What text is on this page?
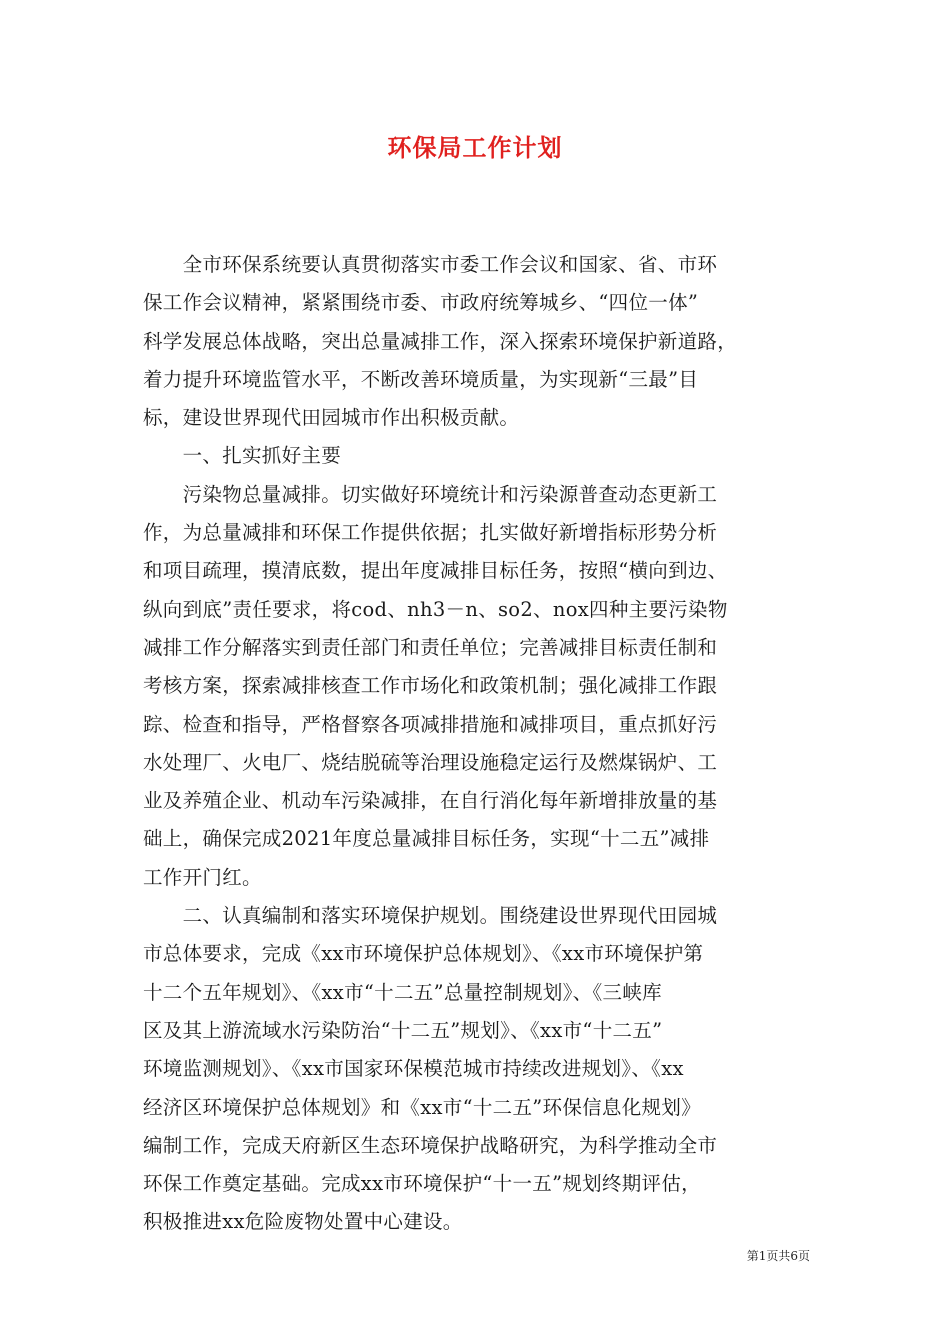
环保局工作计划
　　全市环保系统要认真贯彻落实市委工作会议和国家、省、市环
保工作会议精神，紧紧围绕市委、市政府统筹城乡、“四位一体”
科学发展总体战略，突出总量减排工作，深入探索环境保护新道路，
着力提升环境监管水平，不断改善环境质量，为实现新“三最”目
标，建设世界现代田园城市作出积极贡献。
　　一、扎实抓好主要
　　污染物总量减排。切实做好环境统计和污染源普查动态更新工
作，为总量减排和环保工作提供依据；扎实做好新增指标形势分析
和项目疏理，摸清底数，提出年度减排目标任务，按照“横向到边、
纵向到底”责任要求，将cod、nh3－n、so2、nox四种主要污染物
减排工作分解落实到责任部门和责任单位；完善减排目标责任制和
考核方案，探索减排核查工作市场化和政策机制；强化减排工作跟
踪、检查和指导，严格督察各项减排措施和减排项目，重点抓好污
水处理厂、火电厂、烧结脱硫等治理设施稳定运行及燃煤锅炉、工
业及养殖企业、机动车污染减排，在自行消化每年新增排放量的基
础上，确保完成2021年度总量减排目标任务，实现“十二五”减排
工作开门红。
　　二、认真编制和落实环境保护规划。围绕建设世界现代田园城
市总体要求，完成《xx市环境保护总体规划》、《xx市环境保护第
十二个五年规划》、《xx市“十二五”总量控制规划》、《三峡库
区及其上游流域水污染防治“十二五”规划》、《xx市“十二五”
环境监测规划》、《xx市国家环保模范城市持续改进规划》、《xx
经济区环境保护总体规划》和《xx市“十二五”环保信息化规划》
编制工作，完成天府新区生态环境保护战略研究，为科学推动全市
环保工作奠定基础。完成xx市环境保护“十一五”规划终期评估，
积极推进xx危险废物处置中心建设。
第1页共6页
